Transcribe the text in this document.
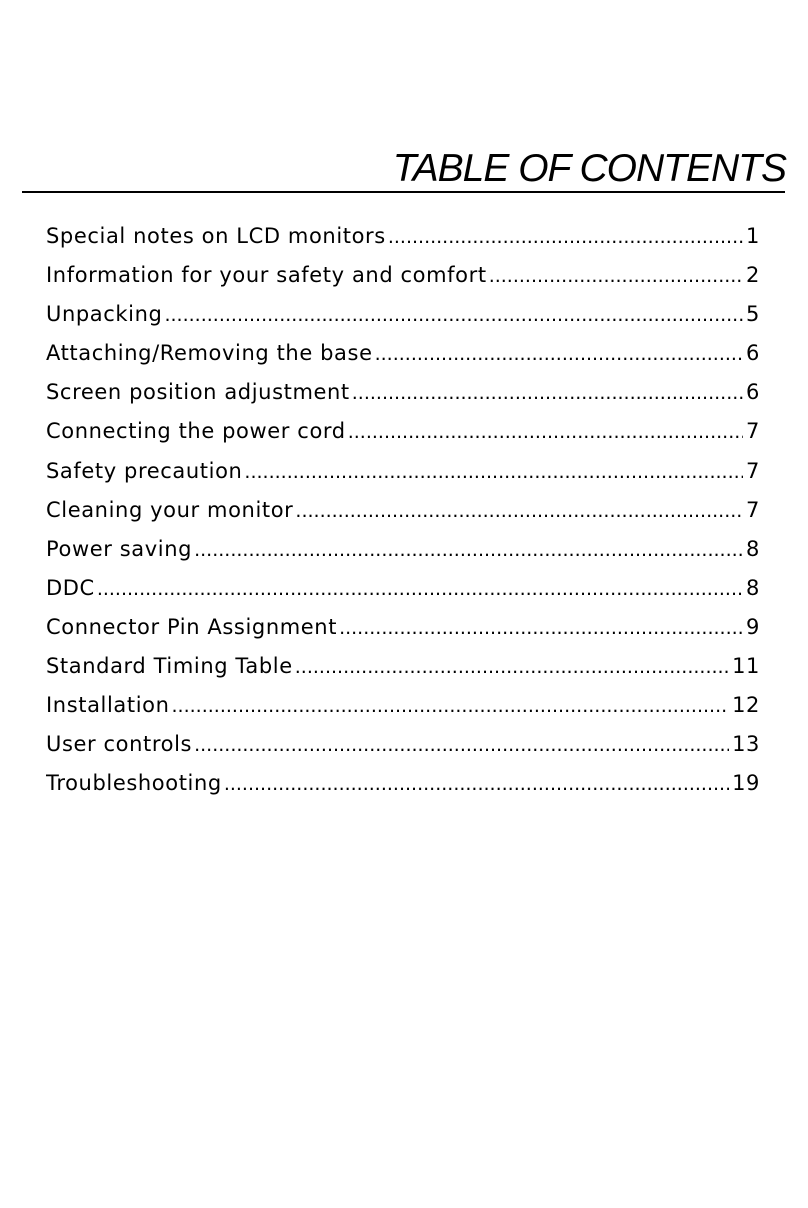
TABLE OF CONTENTS
Special notes on LCD monitors .....	1
Information for your safety and comfort .....	2
Unpacking .....	5
Attaching/Removing the base .....	6
Screen position adjustment .....	6
Connecting the power cord .....	7
Safety precaution .....	7
Cleaning your monitor .....	7
Power saving .....	8
DDC .....	8
Connector Pin Assignment .....	9
Standard Timing Table .....	11
Installation .....	12
User controls .....	13
Troubleshooting .....	19
